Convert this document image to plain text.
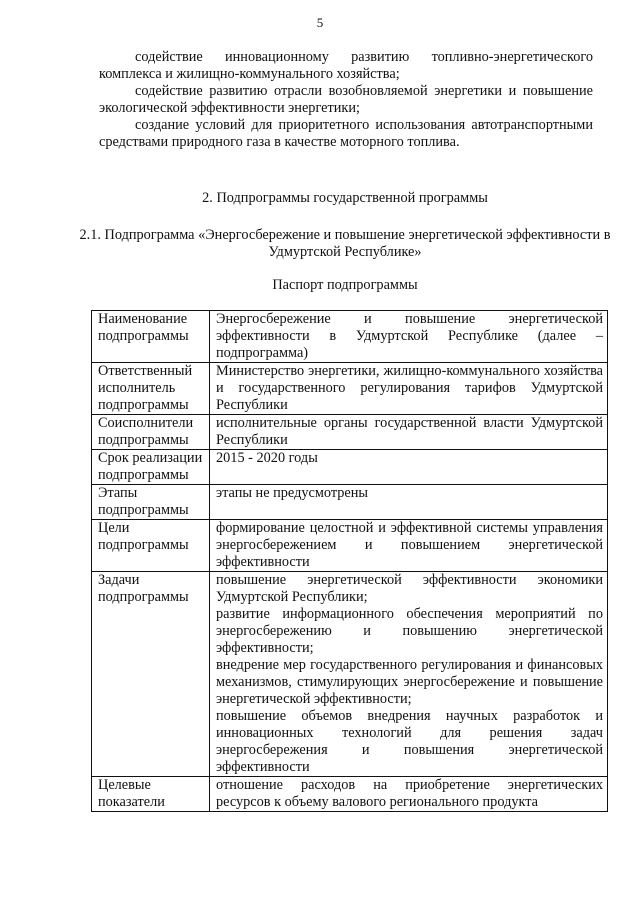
5

содействие инновационному развитию топливно-энергетического комплекса и жилищно-коммунального хозяйства;

содействие развитию отрасли возобновляемой энергетики и повышение экологической эффективности энергетики;

создание условий для приоритетного использования автотранспортными средствами природного газа в качестве моторного топлива.

2. Подпрограммы государственной программы
2.1. Подпрограмма «Энергосбережение и повышение энергетической эффективности в Удмуртской Республике»
Паспорт подпрограммы
Наименование подпрограммы	Энергосбережение и повышение энергетической эффективности в Удмуртской Республике (далее – подпрограмма)
Ответственный исполнитель подпрограммы	Министерство энергетики, жилищно-коммунального хозяйства и государственного регулирования тарифов Удмуртской Республики
Соисполнители подпрограммы	исполнительные органы государственной власти Удмуртской Республики
Срок реализации подпрограммы	2015 - 2020 годы
Этапы подпрограммы	этапы не предусмотрены
Цели подпрограммы	формирование целостной и эффективной системы управления энергосбережением и повышением энергетической эффективности
Задачи подпрограммы	повышение энергетической эффективности экономики Удмуртской Республики;

развитие информационного обеспечения мероприятий по энергосбережению и повышению энергетической эффективности;

внедрение мер государственного регулирования и финансовых механизмов, стимулирующих энергосбережение и повышение энергетической эффективности;

повышение объемов внедрения научных разработок и инновационных технологий для решения задач энергосбережения и повышения энергетической эффективности

Целевые показатели	отношение расходов на приобретение энергетических ресурсов к объему валового регионального продукта
